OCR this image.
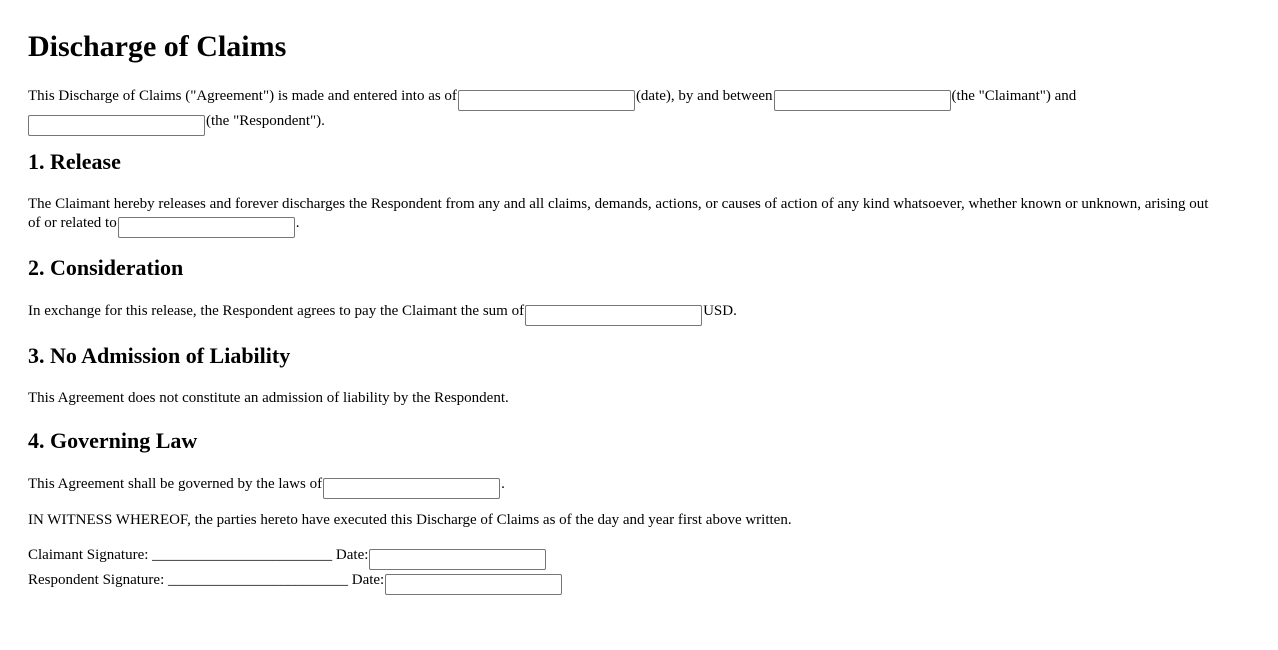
Discharge of Claims
This Discharge of Claims ("Agreement") is made and entered into as of	(date), by and between	(the "Claimant") and
(the "Respondent").
1. Release
The Claimant hereby releases and forever discharges the Respondent from any and all claims, demands, actions, or causes of action of any kind whatsoever, whether known or unknown, arising out of or related to	.
2. Consideration
In exchange for this release, the Respondent agrees to pay the Claimant the sum of	USD.
3. No Admission of Liability
This Agreement does not constitute an admission of liability by the Respondent.
4. Governing Law
This Agreement shall be governed by the laws of	.
IN WITNESS WHEREOF, the parties hereto have executed this Discharge of Claims as of the day and year first above written.
Claimant Signature: ________________________ Date:
Respondent Signature: ________________________ Date:
